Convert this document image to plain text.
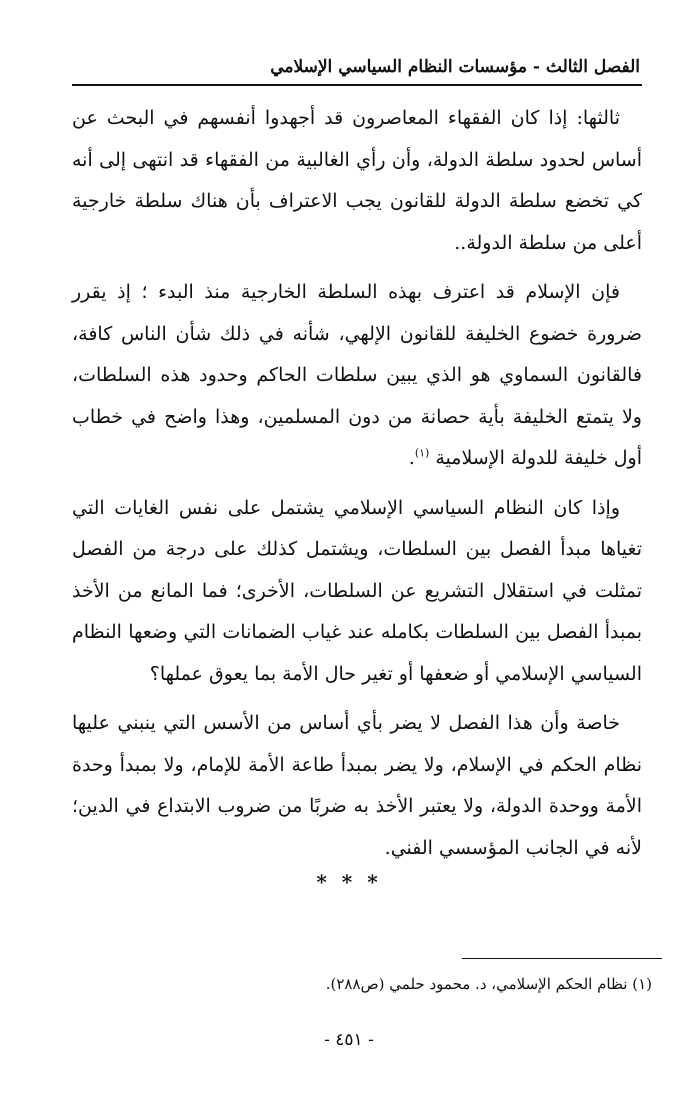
الفصل الثالث - مؤسسات النظام السياسي الإسلامي

ثالثها: إذا كان الفقهاء المعاصرون قد أجهدوا أنفسهم في البحث عن أساس لحدود سلطة الدولة، وأن رأي الغالبية من الفقهاء قد انتهى إلى أنه كي تخضع سلطة الدولة للقانون يجب الاعتراف بأن هناك سلطة خارجية أعلى من سلطة الدولة..

فإن الإسلام قد اعترف بهذه السلطة الخارجية منذ البدء ؛ إذ يقرر ضرورة خضوع الخليفة للقانون الإلهي، شأنه في ذلك شأن الناس كافة، فالقانون السماوي هو الذي يبين سلطات الحاكم وحدود هذه السلطات، ولا يتمتع الخليفة بأية حصانة من دون المسلمين، وهذا واضح في خطاب أول خليفة للدولة الإسلامية $^{(١)}$.

وإذا كان النظام السياسي الإسلامي يشتمل على نفس الغايات التي تغياها مبدأ الفصل بين السلطات، ويشتمل كذلك على درجة من الفصل تمثلت في استقلال التشريع عن السلطات، الأخرى؛ فما المانع من الأخذ بمبدأ الفصل بين السلطات بكامله عند غياب الضمانات التي وضعها النظام السياسي الإسلامي أو ضعفها أو تغير حال الأمة بما يعوق عملها؟

خاصة وأن هذا الفصل لا يضر بأي أساس من الأسس التي ينبني عليها نظام الحكم في الإسلام، ولا يضر بمبدأ طاعة الأمة للإمام، ولا بمبدأ وحدة الأمة ووحدة الدولة، ولا يعتبر الأخذ به ضربًا من ضروب الابتداع في الدين؛ لأنه في الجانب المؤسسي الفني.

* * *
(١) نظام الحكم الإسلامي، د. محمود حلمي (ص٢٨٨).
- ٤٥١ -
